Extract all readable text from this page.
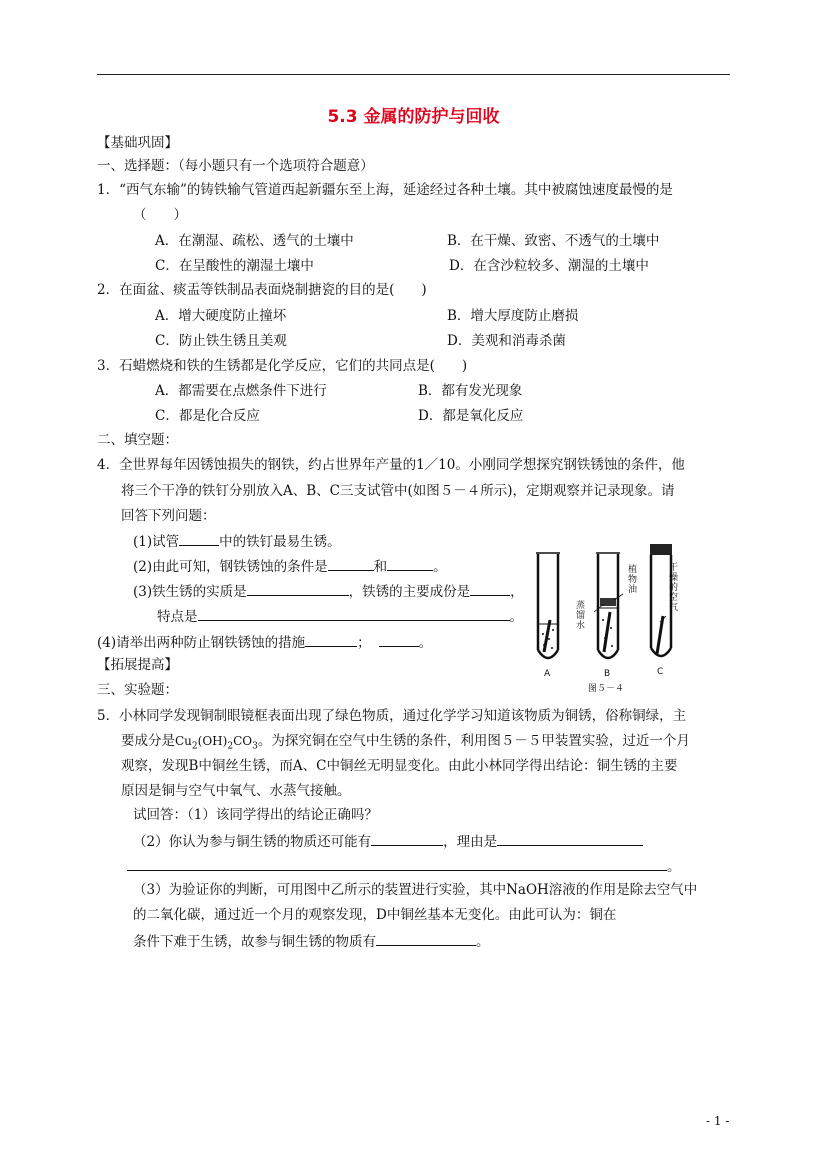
5.3 金属的防护与回收
【基础巩固】
一、选择题：（每小题只有一个选项符合题意）
1．“西气东输”的铸铁输气管道西起新疆东至上海，延途经过各种土壤。其中被腐蚀速度最慢的是
（　　）
A．在潮湿、疏松、透气的土壤中	B．在干燥、致密、不透气的土壤中
C．在呈酸性的潮湿土壤中	D．在含沙粒较多、潮湿的土壤中
2．在面盆、痰盂等铁制品表面烧制搪瓷的目的是(　　)
A．增大硬度防止撞坏	B．增大厚度防止磨损
C．防止铁生锈且美观	D．美观和消毒杀菌
3．石蜡燃烧和铁的生锈都是化学反应，它们的共同点是(　　)
A．都需要在点燃条件下进行	B．都有发光现象
C．都是化合反应	D．都是氧化反应
二、填空题：
4．全世界每年因锈蚀损失的钢铁，约占世界年产量的1／10。小刚同学想探究钢铁锈蚀的条件，他
将三个干净的铁钉分别放入A、B、C三支试管中(如图５－４所示)，定期观察并记录现象。请
回答下列问题：
(1)试管	中的铁钉最易生锈。
(2)由此可知，钢铁锈蚀的条件是	和	。
(3)铁生锈的实质是	，铁锈的主要成份是	，
特点是	。
(4)请举出两种防止钢铁锈蚀的措施	；	。
植
物
油
蒸
馏
水
干
燥
的
空
气
A	B	C
图５－４
【拓展提高】
三、实验题：
5．小林同学发现铜制眼镜框表面出现了绿色物质，通过化学学习知道该物质为铜锈，俗称铜绿，主
要成分是$Cu_2(OH)_2CO_3$。为探究铜在空气中生锈的条件，利用图５－５甲装置实验，过近一个月
观察，发现B中铜丝生锈，而A、C中铜丝无明显变化。由此小林同学得出结论：铜生锈的主要
原因是铜与空气中氧气、水蒸气接触。
试回答：（1）该同学得出的结论正确吗？
（2）你认为参与铜生锈的物质还可能有	，理由是
。
（3）为验证你的判断，可用图中乙所示的装置进行实验，其中NaOH溶液的作用是除去空气中
的二氧化碳，通过近一个月的观察发现，D中铜丝基本无变化。由此可认为：铜在
条件下难于生锈，故参与铜生锈的物质有	。
- 1 -
